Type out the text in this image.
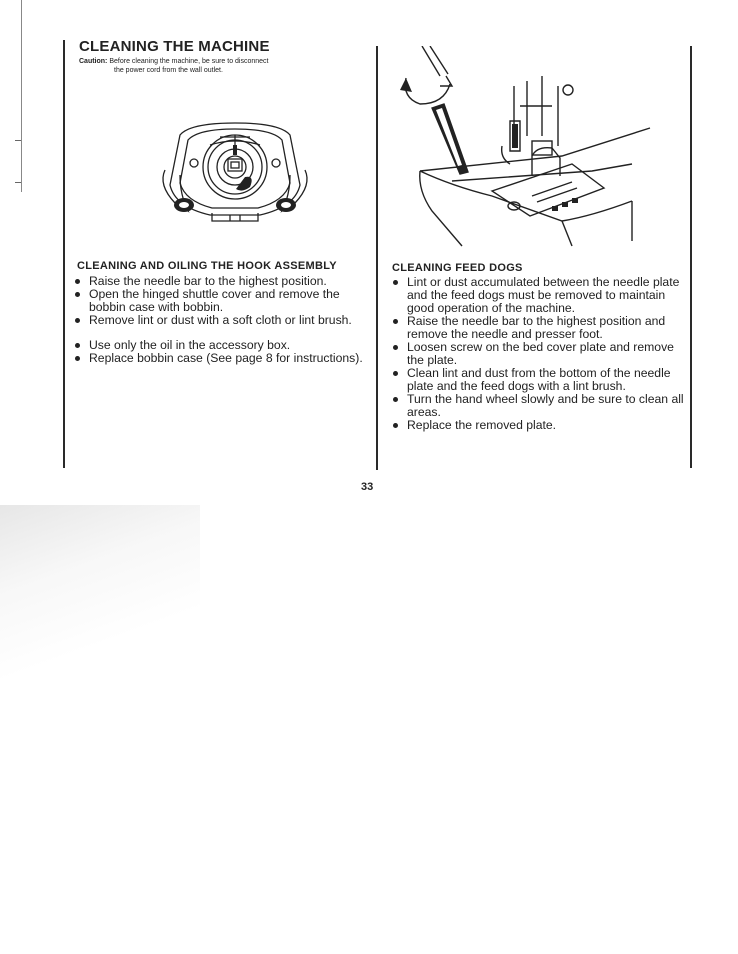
CLEANING THE MACHINE
Caution: Before cleaning the machine, be sure to disconnect
the power cord from the wall outlet.
CLEANING AND OILING THE HOOK ASSEMBLY
Raise the needle bar to the highest position.
Open the hinged shuttle cover and remove the bobbin case with bobbin.
Remove lint or dust with a soft cloth or lint brush.
Use only the oil in the accessory box.
Replace bobbin case (See page 8 for instructions).
CLEANING FEED DOGS
Lint or dust accumulated between the needle plate and the feed dogs must be removed to maintain good operation of the machine.
Raise the needle bar to the highest position and remove the needle and presser foot.
Loosen screw on the bed cover plate and remove the plate.
Clean lint and dust from the bottom of the needle plate and the feed dogs with a lint brush.
Turn the hand wheel slowly and be sure to clean all areas.
Replace the removed plate.
33
